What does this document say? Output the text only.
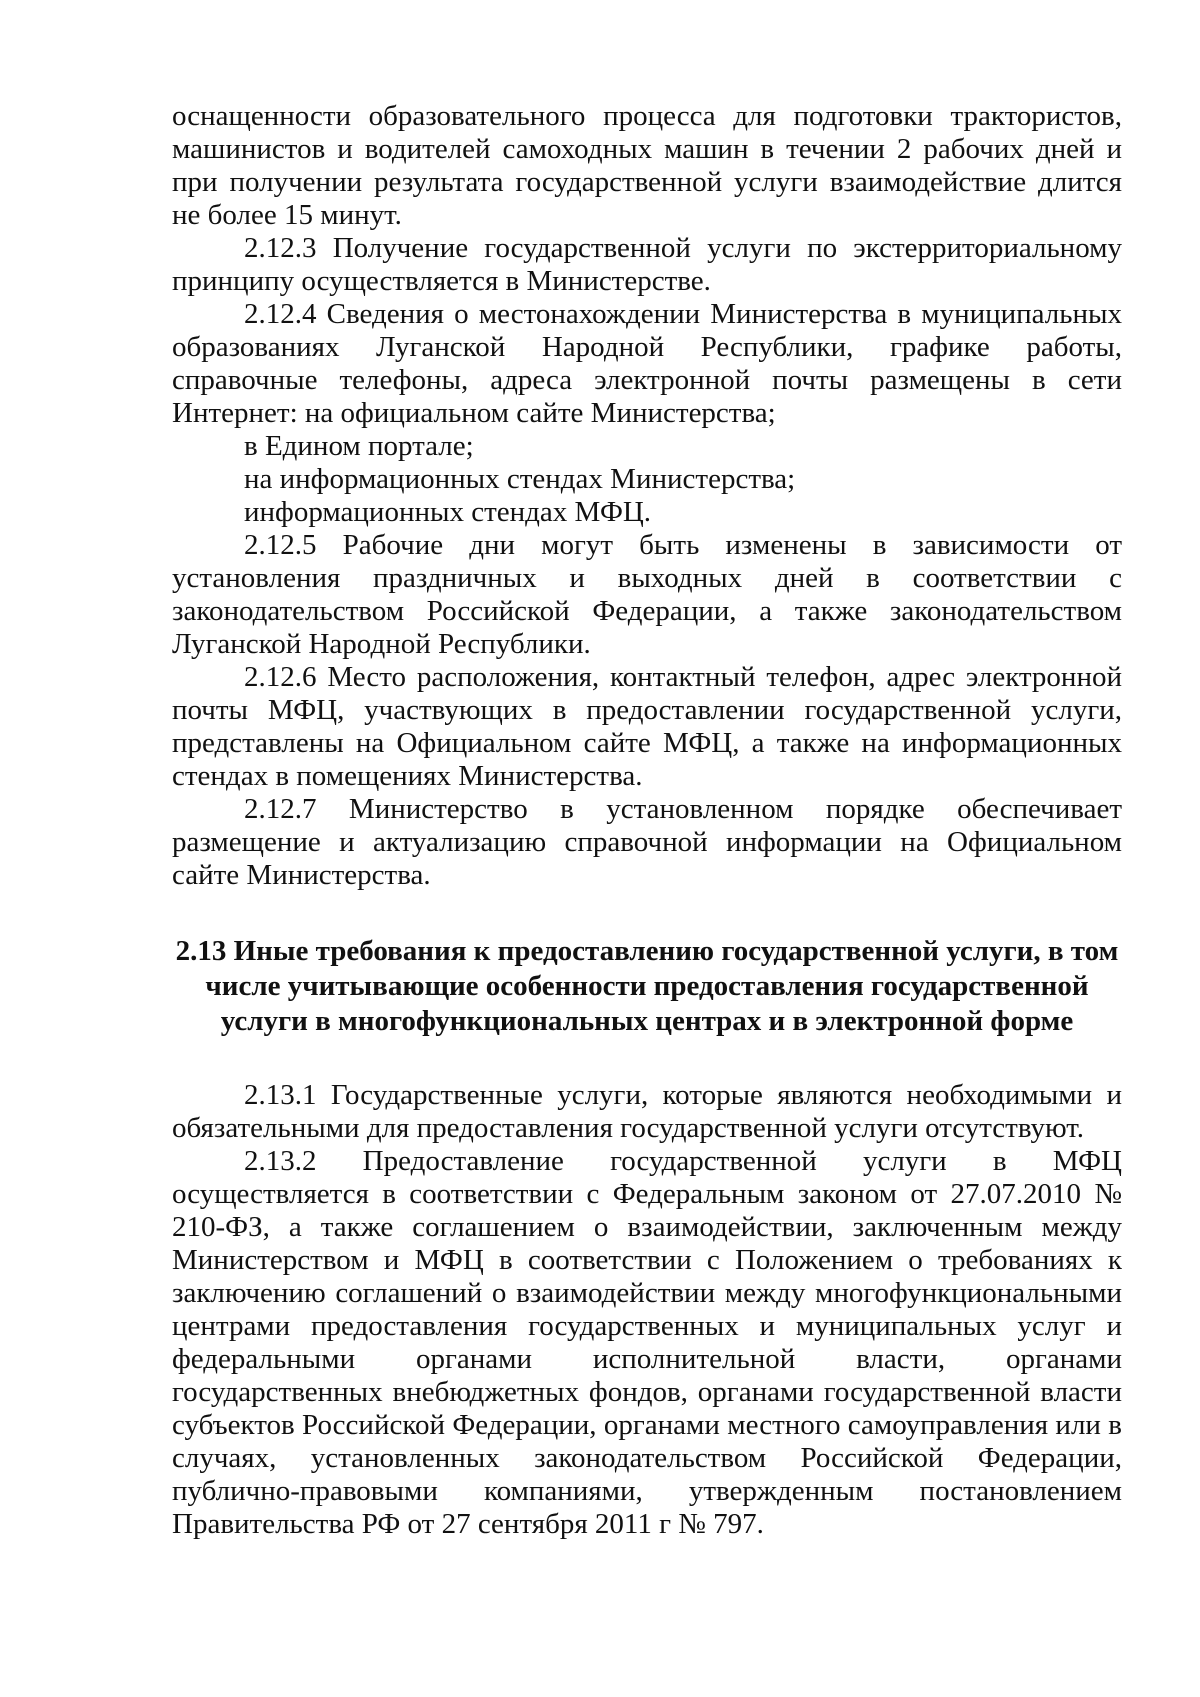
оснащенности образовательного процесса для подготовки трактористов, машинистов и водителей самоходных машин в течении 2 рабочих дней и при получении результата государственной услуги взаимодействие длится не более 15 минут.

2.12.3 Получение государственной услуги по экстерриториальному принципу осуществляется в Министерстве.

2.12.4 Сведения о местонахождении Министерства в муниципальных образованиях Луганской Народной Республики, графике работы, справочные телефоны, адреса электронной почты размещены в сети Интернет: на официальном сайте Министерства;

в Едином портале;

на информационных стендах Министерства;

информационных стендах МФЦ.

2.12.5 Рабочие дни могут быть изменены в зависимости от установления праздничных и выходных дней в соответствии с законодательством Российской Федерации, а также законодательством Луганской Народной Республики.

2.12.6 Место расположения, контактный телефон, адрес электронной почты МФЦ, участвующих в предоставлении государственной услуги, представлены на Официальном сайте МФЦ, а также на информационных стендах в помещениях Министерства.

2.12.7 Министерство в установленном порядке обеспечивает размещение и актуализацию справочной информации на Официальном сайте Министерства.

2.13 Иные требования к предоставлению государственной услуги, в том числе учитывающие особенности предоставления государственной услуги в многофункциональных центрах и в электронной форме

2.13.1 Государственные услуги, которые являются необходимыми и обязательными для предоставления государственной услуги отсутствуют.

2.13.2 Предоставление государственной услуги в МФЦ осуществляется в соответствии с Федеральным законом от 27.07.2010 № 210-ФЗ, а также соглашением о взаимодействии, заключенным между Министерством и МФЦ в соответствии с Положением о требованиях к заключению соглашений о взаимодействии между многофункциональными центрами предоставления государственных и муниципальных услуг и федеральными органами исполнительной власти, органами государственных внебюджетных фондов, органами государственной власти субъектов Российской Федерации, органами местного самоуправления или в случаях, установленных законодательством Российской Федерации, публично-правовыми компаниями, утвержденным постановлением Правительства РФ от 27 сентября 2011 г № 797.
